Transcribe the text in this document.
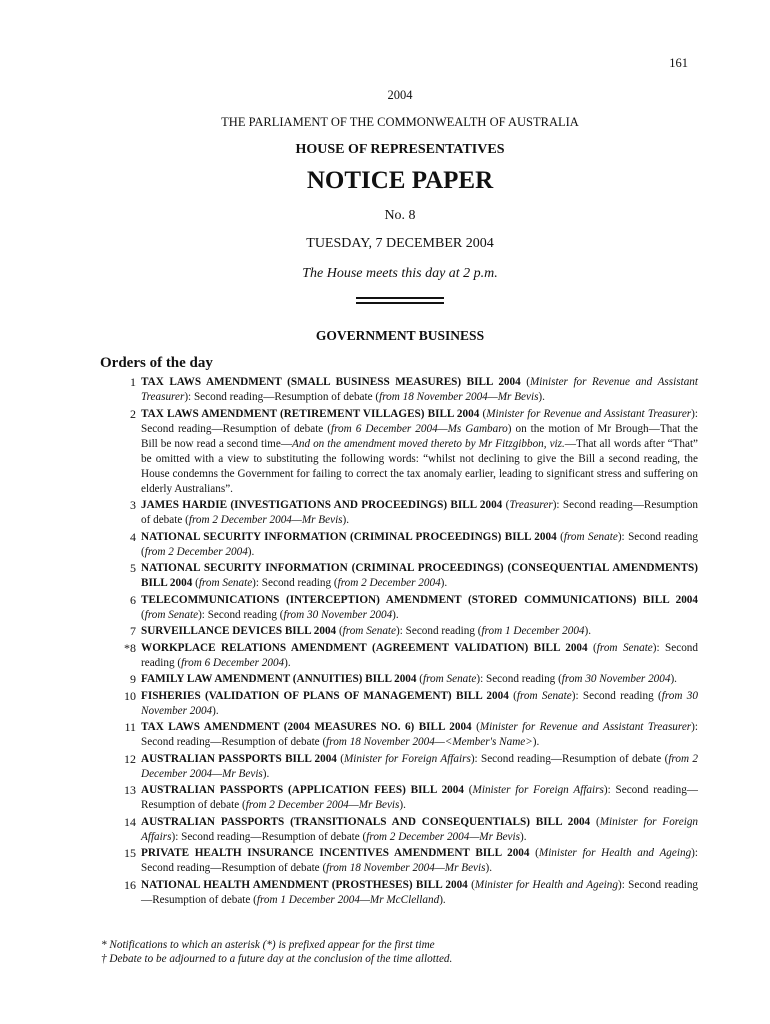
161
2004
THE PARLIAMENT OF THE COMMONWEALTH OF AUSTRALIA
HOUSE OF REPRESENTATIVES
NOTICE PAPER
No. 8
TUESDAY, 7 DECEMBER 2004
The House meets this day at 2 p.m.
GOVERNMENT BUSINESS
Orders of the day
1 TAX LAWS AMENDMENT (SMALL BUSINESS MEASURES) BILL 2004 (Minister for Revenue and Assistant Treasurer): Second reading—Resumption of debate (from 18 November 2004—Mr Bevis).
2 TAX LAWS AMENDMENT (RETIREMENT VILLAGES) BILL 2004 (Minister for Revenue and Assistant Treasurer): Second reading—Resumption of debate (from 6 December 2004—Ms Gambaro) on the motion of Mr Brough—That the Bill be now read a second time—And on the amendment moved thereto by Mr Fitzgibbon, viz.—That all words after “That” be omitted with a view to substituting the following words: “whilst not declining to give the Bill a second reading, the House condemns the Government for failing to correct the tax anomaly earlier, leading to significant stress and suffering on elderly Australians”.
3 JAMES HARDIE (INVESTIGATIONS AND PROCEEDINGS) BILL 2004 (Treasurer): Second reading—Resumption of debate (from 2 December 2004—Mr Bevis).
4 NATIONAL SECURITY INFORMATION (CRIMINAL PROCEEDINGS) BILL 2004 (from Senate): Second reading (from 2 December 2004).
5 NATIONAL SECURITY INFORMATION (CRIMINAL PROCEEDINGS) (CONSEQUENTIAL AMENDMENTS) BILL 2004 (from Senate): Second reading (from 2 December 2004).
6 TELECOMMUNICATIONS (INTERCEPTION) AMENDMENT (STORED COMMUNICATIONS) BILL 2004 (from Senate): Second reading (from 30 November 2004).
7 SURVEILLANCE DEVICES BILL 2004 (from Senate): Second reading (from 1 December 2004).
*8 WORKPLACE RELATIONS AMENDMENT (AGREEMENT VALIDATION) BILL 2004 (from Senate): Second reading (from 6 December 2004).
9 FAMILY LAW AMENDMENT (ANNUITIES) BILL 2004 (from Senate): Second reading (from 30 November 2004).
10 FISHERIES (VALIDATION OF PLANS OF MANAGEMENT) BILL 2004 (from Senate): Second reading (from 30 November 2004).
11 TAX LAWS AMENDMENT (2004 MEASURES NO. 6) BILL 2004 (Minister for Revenue and Assistant Treasurer): Second reading—Resumption of debate (from 18 November 2004—<Member's Name>).
12 AUSTRALIAN PASSPORTS BILL 2004 (Minister for Foreign Affairs): Second reading—Resumption of debate (from 2 December 2004—Mr Bevis).
13 AUSTRALIAN PASSPORTS (APPLICATION FEES) BILL 2004 (Minister for Foreign Affairs): Second reading—Resumption of debate (from 2 December 2004—Mr Bevis).
14 AUSTRALIAN PASSPORTS (TRANSITIONALS AND CONSEQUENTIALS) BILL 2004 (Minister for Foreign Affairs): Second reading—Resumption of debate (from 2 December 2004—Mr Bevis).
15 PRIVATE HEALTH INSURANCE INCENTIVES AMENDMENT BILL 2004 (Minister for Health and Ageing): Second reading—Resumption of debate (from 18 November 2004—Mr Bevis).
16 NATIONAL HEALTH AMENDMENT (PROSTHESES) BILL 2004 (Minister for Health and Ageing): Second reading—Resumption of debate (from 1 December 2004—Mr McClelland).
* Notifications to which an asterisk (*) is prefixed appear for the first time
† Debate to be adjourned to a future day at the conclusion of the time allotted.
